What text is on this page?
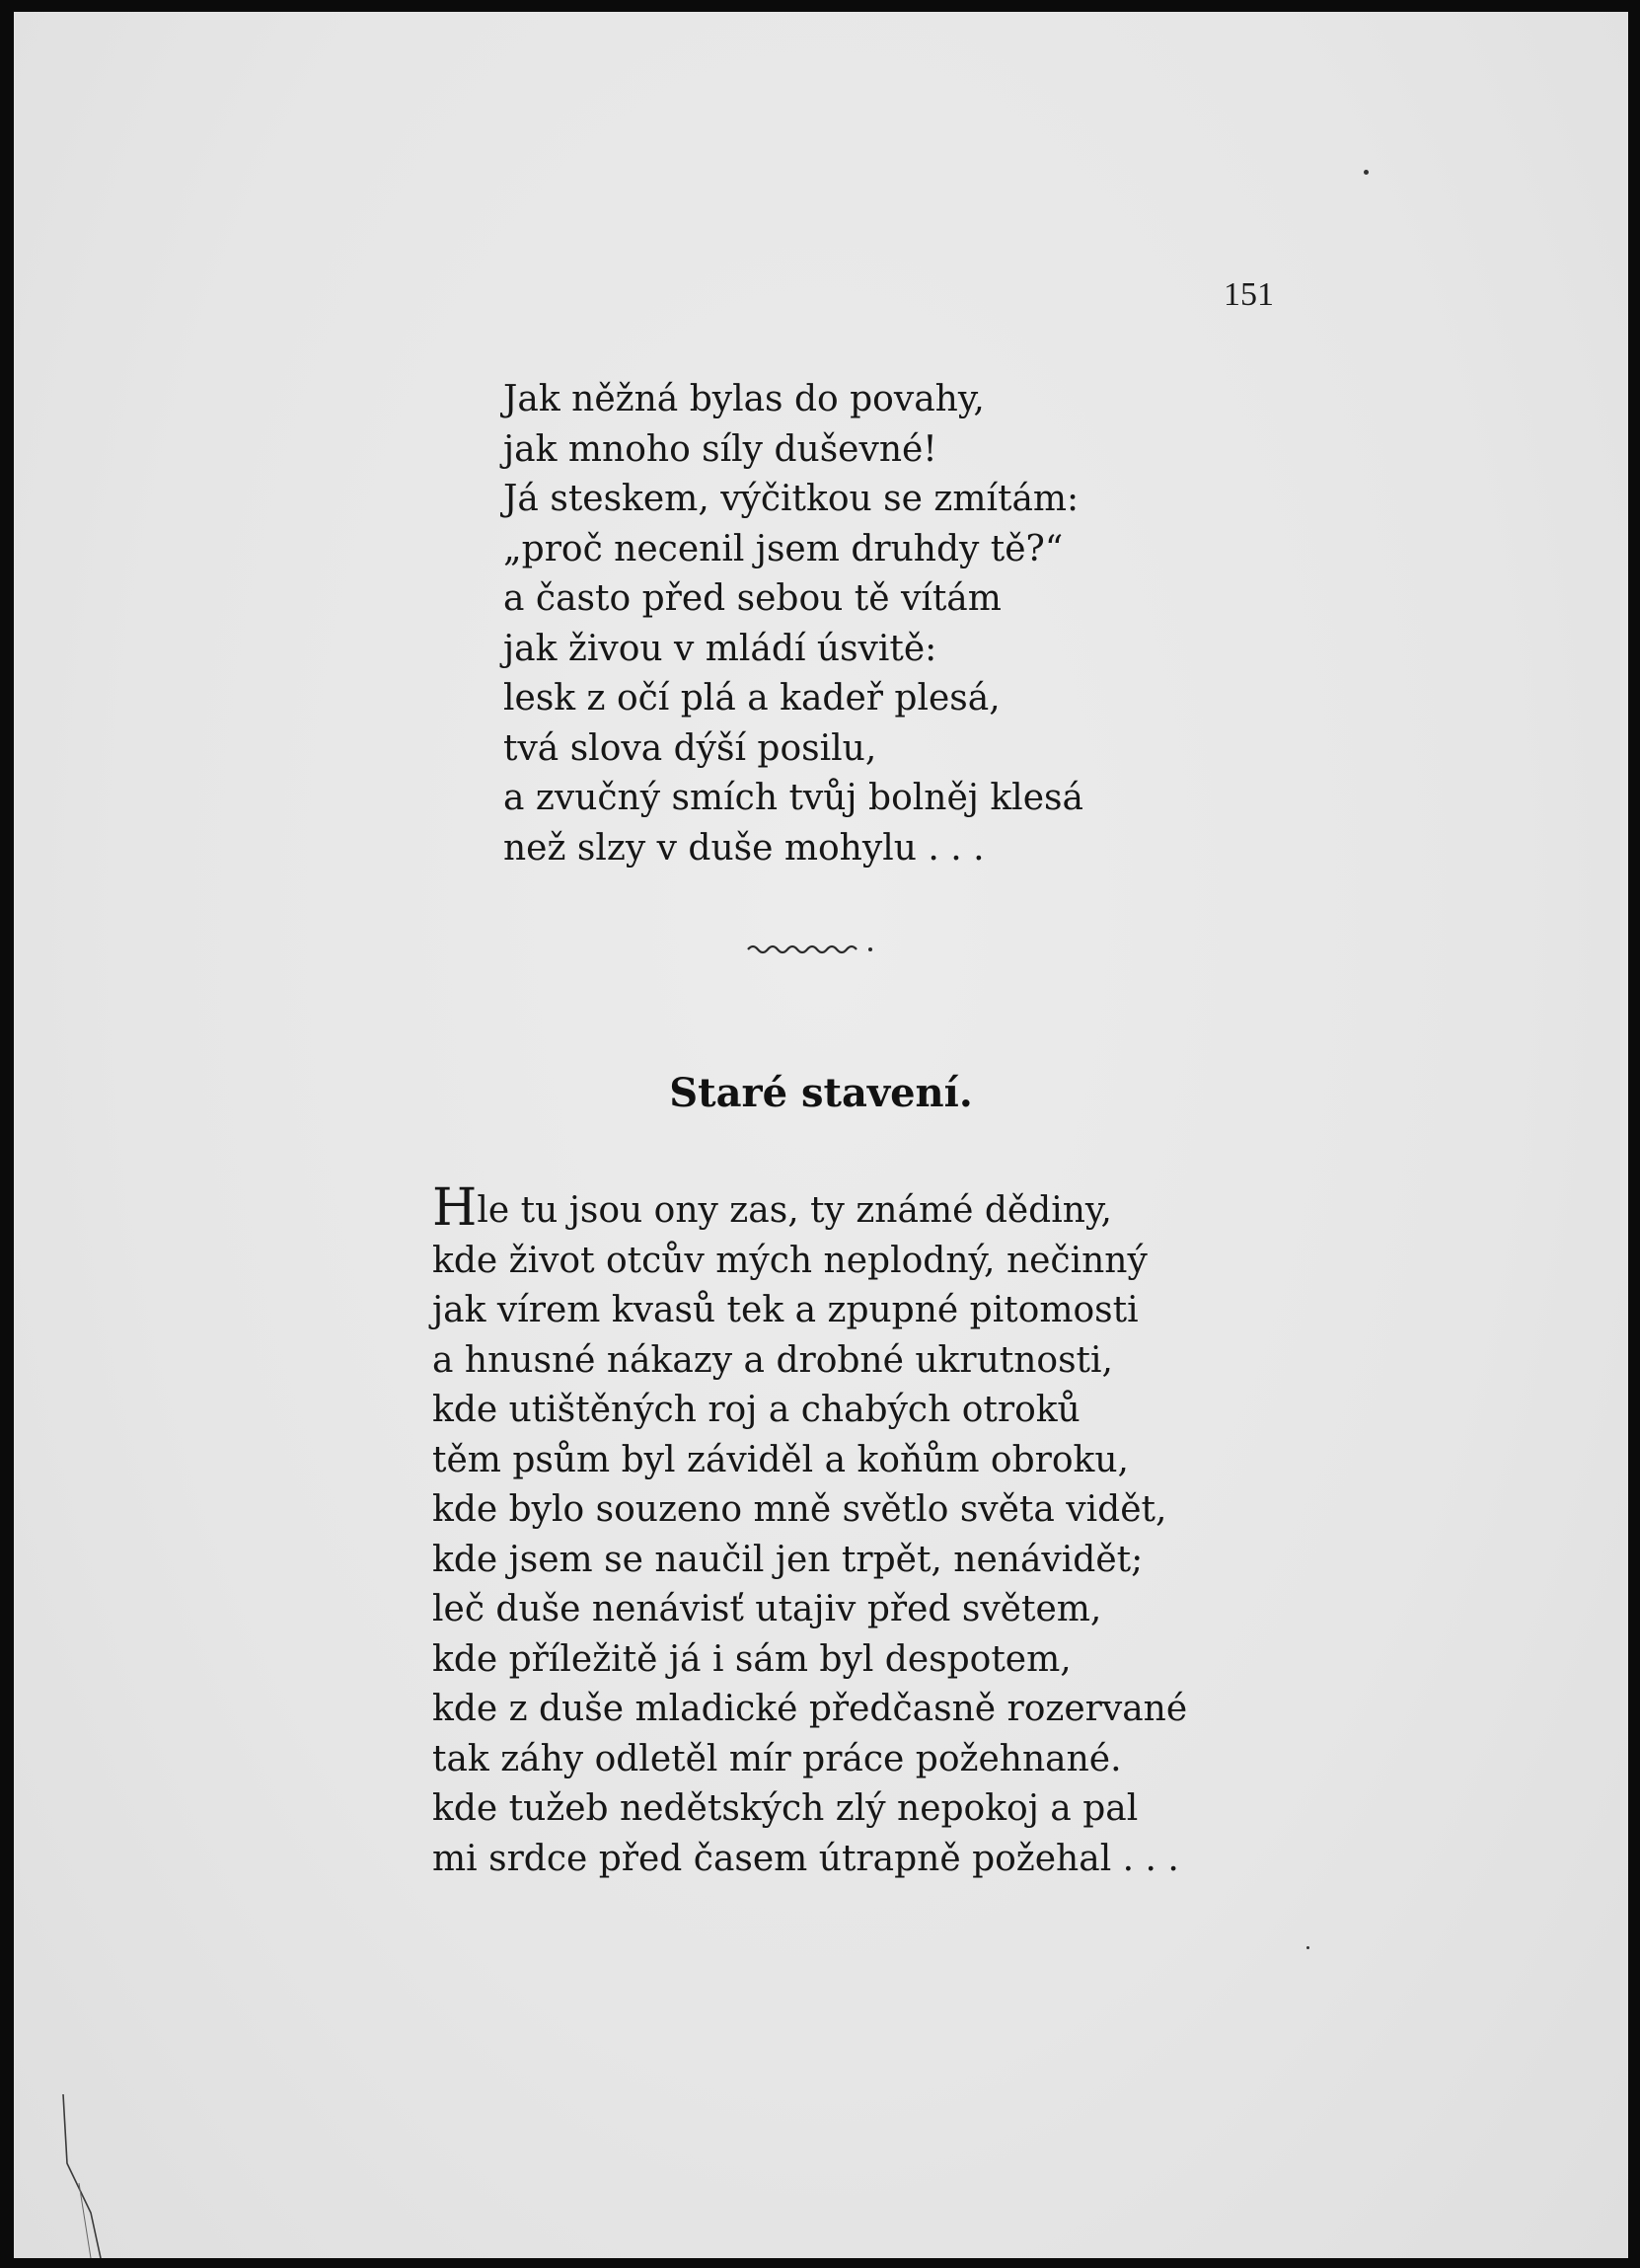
151
Jak něžná bylas do povahy,
jak mnoho síly duševné!
Já steskem, výčitkou se zmítám:
„proč necenil jsem druhdy tě?“
a často před sebou tě vítám
jak živou v mládí úsvitě:
lesk z očí plá a kadeř plesá,
tvá slova dýší posilu,
a zvučný smích tvůj bolněj klesá
než slzy v duše mohylu . . .
Staré stavení.
Hle tu jsou ony zas, ty známé dědiny,
kde život otcův mých neplodný, nečinný
jak vírem kvasů tek a zpupné pitomosti
a hnusné nákazy a drobné ukrutnosti,
kde utištěných roj a chabých otroků
těm psům byl záviděl a koňům obroku,
kde bylo souzeno mně světlo světa vidět,
kde jsem se naučil jen trpět, nenávidět;
leč duše nenávisť utajiv před světem,
kde příležitě já i sám byl despotem,
kde z duše mladické předčasně rozervané
tak záhy odletěl mír práce požehnané.
kde tužeb nedětských zlý nepokoj a pal
mi srdce před časem útrapně požehal . . .
